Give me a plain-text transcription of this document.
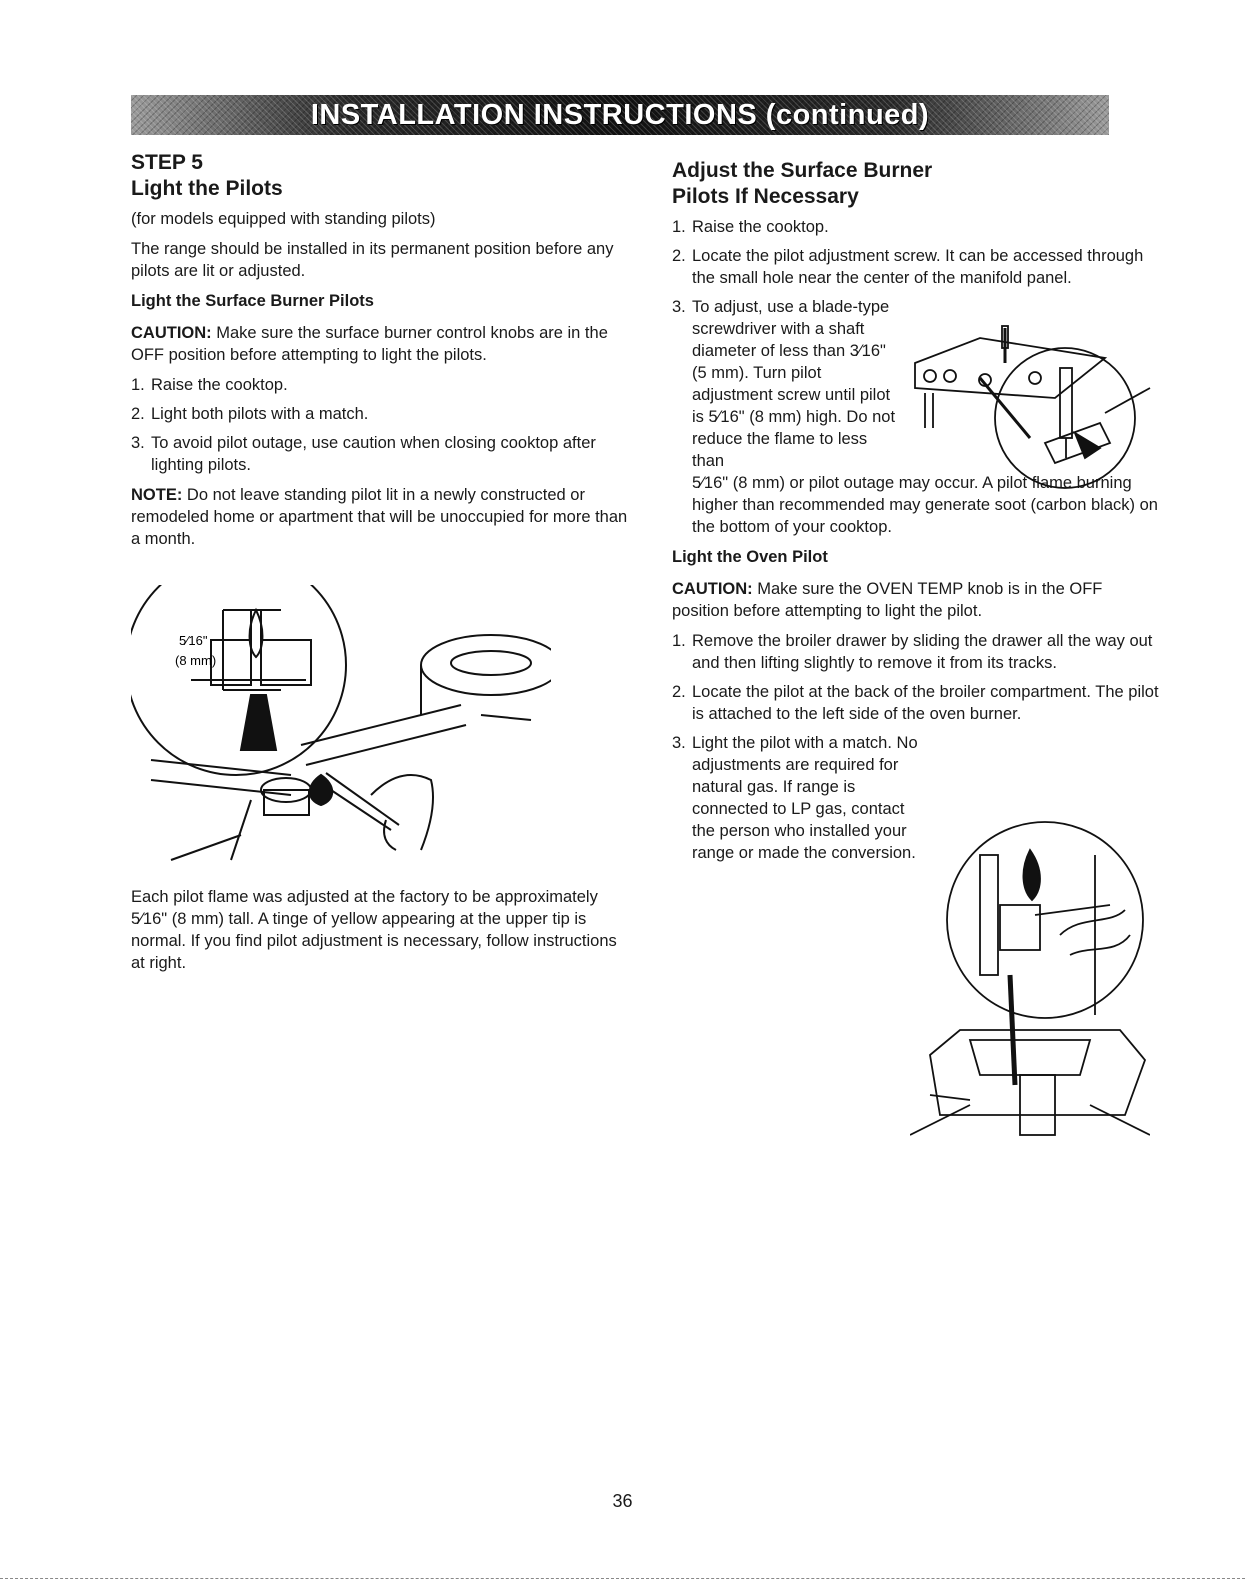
INSTALLATION INSTRUCTIONS (continued)
STEP 5
Light the Pilots

(for models equipped with standing pilots)

The range should be installed in its permanent position before any pilots are lit or adjusted.

Light the Surface Burner Pilots

CAUTION: Make sure the surface burner control knobs are in the OFF position before attempting to light the pilots.

1. Raise the cooktop.
2. Light both pilots with a match.
3. To avoid pilot outage, use caution when closing cooktop after lighting pilots.

NOTE: Do not leave standing pilot lit in a newly constructed or remodeled home or apartment that will be unoccupied for more than a month.

5⁄16"
(8 mm)

Each pilot flame was adjusted at the factory to be approximately 5⁄16" (8 mm) tall. A tinge of yellow appearing at the upper tip is normal. If you find pilot adjustment is necessary, follow instructions at right.

Adjust the Surface Burner
Pilots If Necessary
1. Raise the cooktop.
2. Locate the pilot adjustment screw. It can be accessed through the small hole near the center of the manifold panel.
3. To adjust, use a blade-type screwdriver with a shaft diameter of less than 3⁄16" (5 mm). Turn pilot adjustment screw until pilot is 5⁄16" (8 mm) high. Do not reduce the flame to less than
5⁄16" (8 mm) or pilot outage may occur. A pilot flame burning higher than recommended may generate soot (carbon black) on the bottom of your cooktop.
Light the Oven Pilot

CAUTION: Make sure the OVEN TEMP knob is in the OFF position before attempting to light the pilot.

1. Remove the broiler drawer by sliding the drawer all the way out and then lifting slightly to remove it from its tracks.
2. Locate the pilot at the back of the broiler compartment. The pilot is attached to the left side of the oven burner.
3. Light the pilot with a match. No adjustments are required for natural gas. If range is connected to LP gas, contact the person who installed your range or made the conversion.
36
